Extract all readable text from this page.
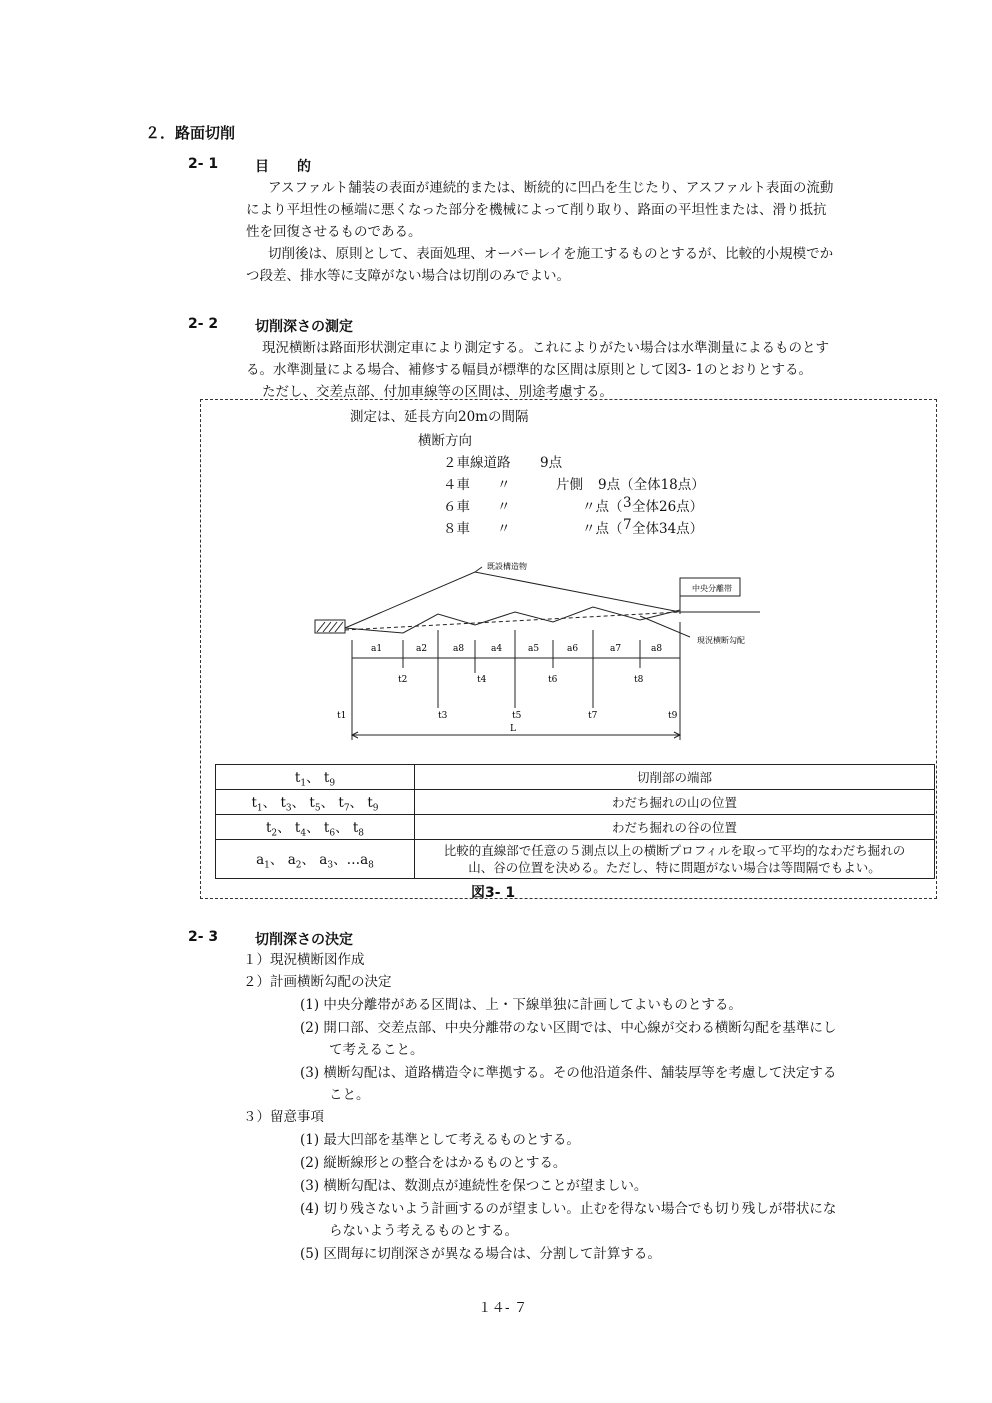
２．路面切削
2- 1	目　　的
アスファルト舗装の表面が連続的または、断続的に凹凸を生じたり、アスファルト表面の流動
により平坦性の極端に悪くなった部分を機械によって削り取り、路面の平坦性または、滑り抵抗
性を回復させるものである。
切削後は、原則として、表面処理、オーバーレイを施工するものとするが、比較的小規模でか
つ段差、排水等に支障がない場合は切削のみでよい。
2- 2	切削深さの測定
現況横断は路面形状測定車により測定する。これによりがたい場合は水準測量によるものとす
る。水準測量による場合、補修する幅員が標準的な区間は原則として図3- 1のとおりとする。
ただし、交差点部、付加車線等の区間は、別途考慮する。
測定は、延長方向20mの間隔
横断方向
２車線道路 9点
４車 〃	片側 9点（全体18点）
６車 〃	〃点（ 3 全体26点）
８車 〃	〃点（ 7 全体34点）
既設構造物
中央分離帯
現況横断勾配
a1	a2	a8	a4	a5	a6	a7	a8
t1
t2
t3
t4
t5
t6
t7
t8
t9
L
$t_1$、 $t_9$	切削部の端部
$t_1$、 $t_3$、 $t_5$、 $t_7$、 $t_9$	わだち掘れの山の位置
$t_2$、 $t_4$、 $t_6$、 $t_8$	わだち掘れの谷の位置
$a_1$、 $a_2$、 $a_3$、$\dots a_8$	比較的直線部で任意の５測点以上の横断プロフィルを取って平均的なわだち掘れの
山、谷の位置を決める。ただし、特に問題がない場合は等間隔でもよい。
図3- 1
2- 3	切削深さの決定
１）現況横断図作成
２）計画横断勾配の決定
(1) 中央分離帯がある区間は、上・下線単独に計画してよいものとする。
(2) 開口部、交差点部、中央分離帯のない区間では、中心線が交わる横断勾配を基準にし
て考えること。
(3) 横断勾配は、道路構造令に準拠する。その他沿道条件、舗装厚等を考慮して決定する
こと。
３）留意事項
(1) 最大凹部を基準として考えるものとする。
(2) 縦断線形との整合をはかるものとする。
(3) 横断勾配は、数測点が連続性を保つことが望ましい。
(4) 切り残さないよう計画するのが望ましい。止むを得ない場合でも切り残しが帯状にな
らないよう考えるものとする。
(5) 区間毎に切削深さが異なる場合は、分割して計算する。
１４- ７
